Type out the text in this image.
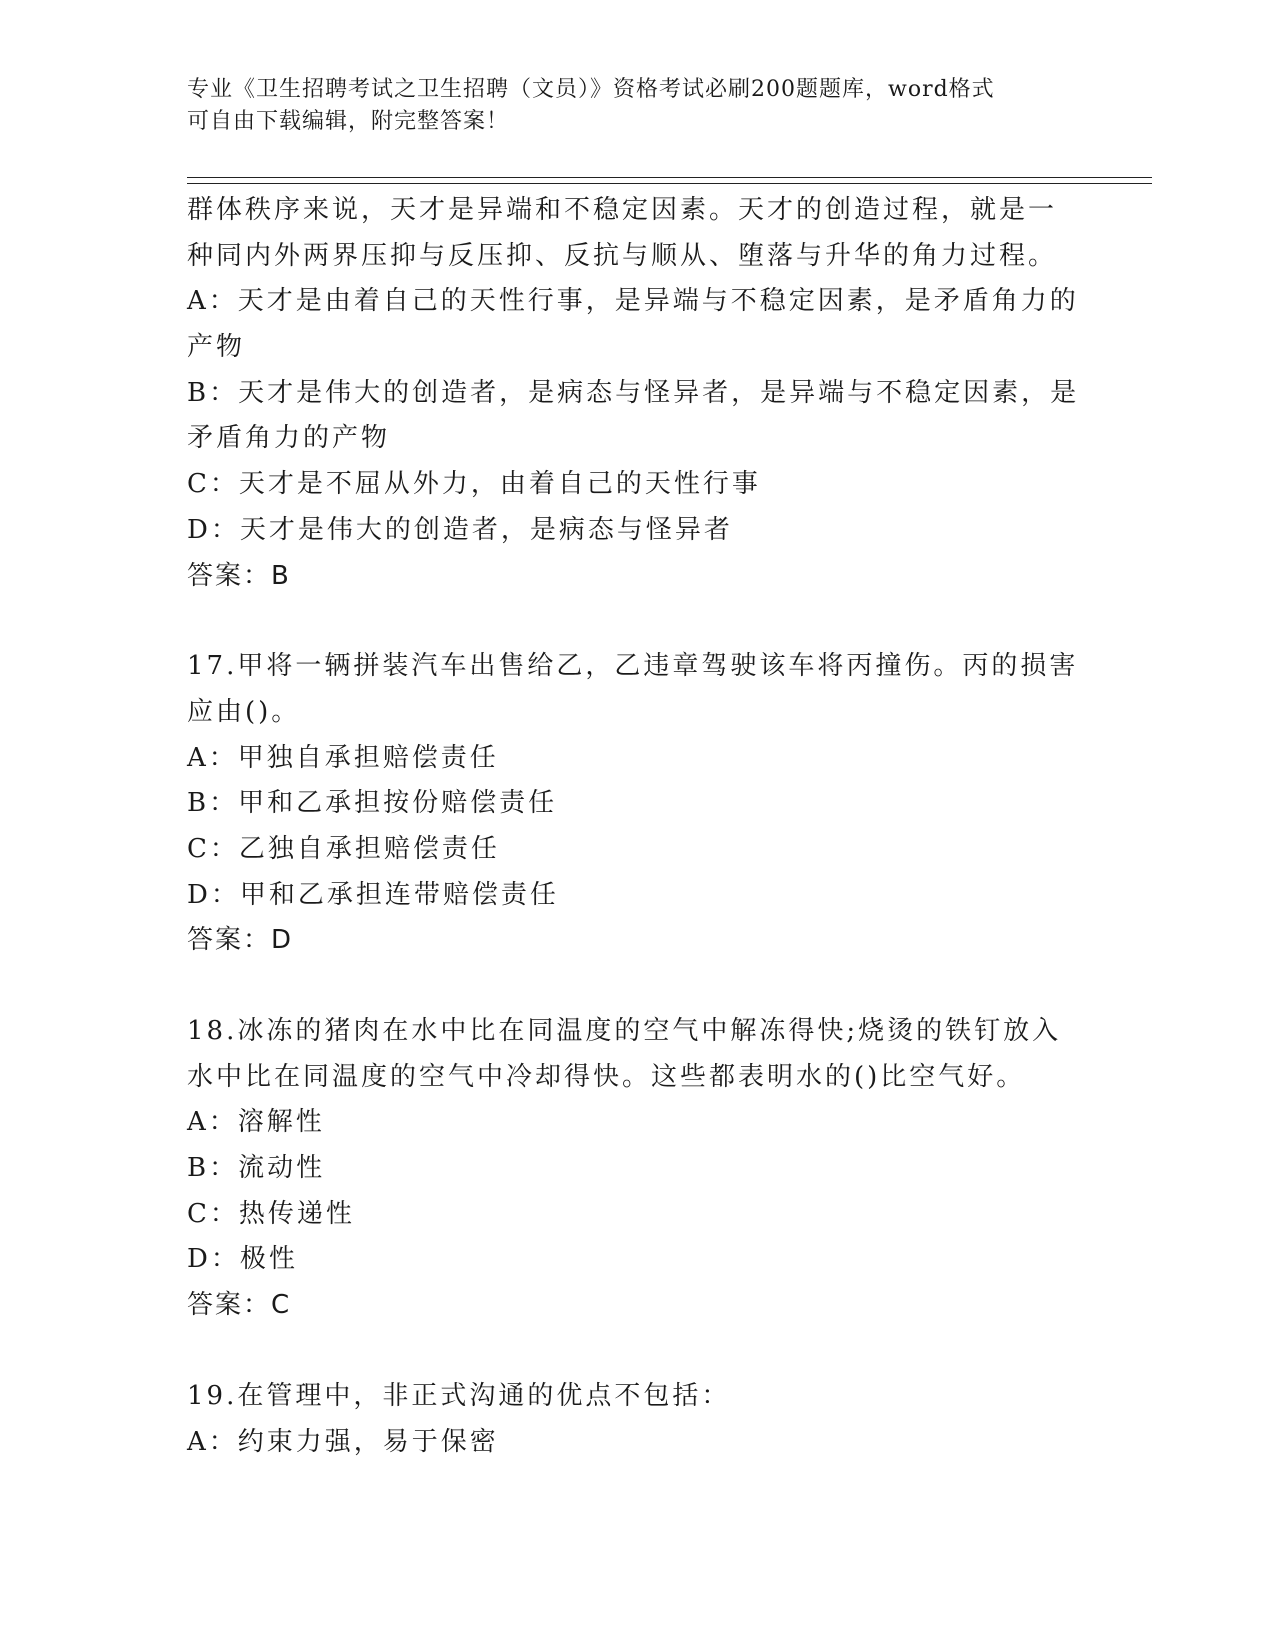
专业《卫生招聘考试之卫生招聘（文员）》资格考试必刷200题题库，word格式
可自由下载编辑，附完整答案！
群体秩序来说，天才是异端和不稳定因素。天才的创造过程，就是一
种同内外两界压抑与反压抑、反抗与顺从、堕落与升华的角力过程。
A：天才是由着自己的天性行事，是异端与不稳定因素，是矛盾角力的
产物
B：天才是伟大的创造者，是病态与怪异者，是异端与不稳定因素，是
矛盾角力的产物
C：天才是不屈从外力，由着自己的天性行事
D：天才是伟大的创造者，是病态与怪异者
答案：B
17.甲将一辆拼装汽车出售给乙，乙违章驾驶该车将丙撞伤。丙的损害
应由()。
A：甲独自承担赔偿责任
B：甲和乙承担按份赔偿责任
C：乙独自承担赔偿责任
D：甲和乙承担连带赔偿责任
答案：D
18.冰冻的猪肉在水中比在同温度的空气中解冻得快;烧烫的铁钉放入
水中比在同温度的空气中冷却得快。这些都表明水的()比空气好。
A：溶解性
B：流动性
C：热传递性
D：极性
答案：C
19.在管理中，非正式沟通的优点不包括：
A：约束力强，易于保密
